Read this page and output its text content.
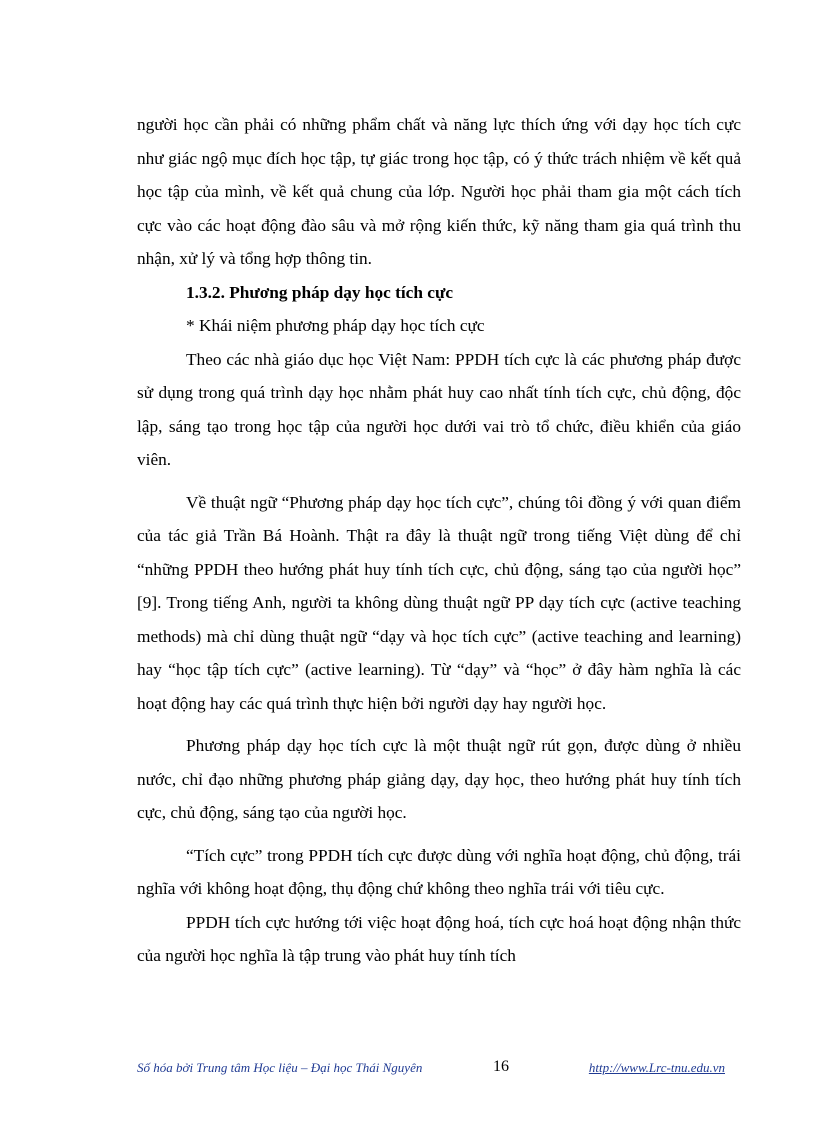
người học cần phải có những phẩm chất và năng lực thích ứng với dạy học tích cực như giác ngộ mục đích học tập, tự giác trong học tập, có ý thức trách nhiệm về kết quả học tập của mình, về kết quả chung của lớp. Người học phải tham gia một cách tích cực vào các hoạt động đào sâu và mở rộng kiến thức, kỹ năng tham gia quá trình thu nhận, xử lý và tổng hợp thông tin.

1.3.2. Phương pháp dạy học tích cực

* Khái niệm phương pháp dạy học tích cực

Theo các nhà giáo dục học Việt Nam: PPDH tích cực là các phương pháp được sử dụng trong quá trình dạy học nhằm phát huy cao nhất tính tích cực, chủ động, độc lập, sáng tạo trong học tập của người học dưới vai trò tổ chức, điều khiển của giáo viên.

Về thuật ngữ “Phương pháp dạy học tích cực”, chúng tôi đồng ý với quan điểm của tác giả Trần Bá Hoành. Thật ra đây là thuật ngữ trong tiếng Việt dùng để chỉ “những PPDH theo hướng phát huy tính tích cực, chủ động, sáng tạo của người học” [9]. Trong tiếng Anh, người ta không dùng thuật ngữ PP dạy tích cực (active teaching methods) mà chỉ dùng thuật ngữ “dạy và học tích cực” (active teaching and learning) hay “học tập tích cực” (active learning). Từ “dạy” và “học” ở đây hàm nghĩa là các hoạt động hay các quá trình thực hiện bởi người dạy hay người học.

Phương pháp dạy học tích cực là một thuật ngữ rút gọn, được dùng ở nhiều nước, chỉ đạo những phương pháp giảng dạy, dạy học, theo hướng phát huy tính tích cực, chủ động, sáng tạo của người học.

“Tích cực” trong PPDH tích cực được dùng với nghĩa hoạt động, chủ động, trái nghĩa với không hoạt động, thụ động chứ không theo nghĩa trái với tiêu cực.

PPDH tích cực hướng tới việc hoạt động hoá, tích cực hoá hoạt động nhận thức của người học nghĩa là tập trung vào phát huy tính tích

Số hóa bởi Trung tâm Học liệu – Đại học Thái Nguyên	16	http://www.Lrc-tnu.edu.vn
